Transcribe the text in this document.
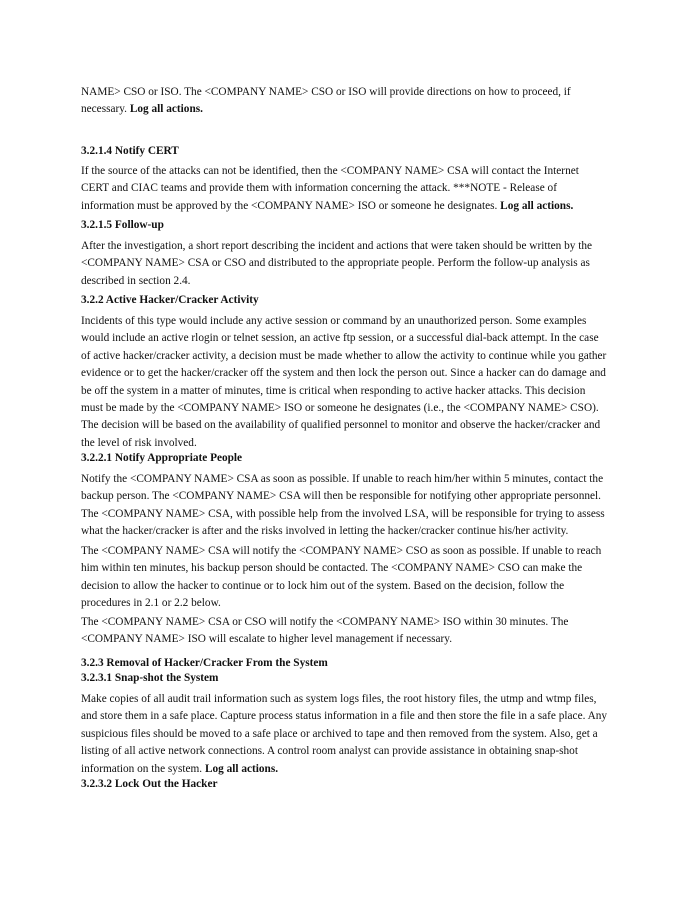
NAME> CSO or ISO. The <COMPANY NAME> CSO or ISO will provide directions on how to proceed, if
necessary. Log all actions.
3.2.1.4 Notify CERT
If the source of the attacks can not be identified, then the <COMPANY NAME> CSA will contact the Internet
CERT and CIAC teams and provide them with information concerning the attack. ***NOTE - Release of
information must be approved by the <COMPANY NAME> ISO or someone he designates. Log all actions.
3.2.1.5 Follow-up
After the investigation, a short report describing the incident and actions that were taken should be written by the
<COMPANY NAME> CSA or CSO and distributed to the appropriate people. Perform the follow-up analysis as
described in section 2.4.
3.2.2 Active Hacker/Cracker Activity
Incidents of this type would include any active session or command by an unauthorized person. Some examples
would include an active rlogin or telnet session, an active ftp session, or a successful dial-back attempt. In the case
of active hacker/cracker activity, a decision must be made whether to allow the activity to continue while you gather
evidence or to get the hacker/cracker off the system and then lock the person out. Since a hacker can do damage and
be off the system in a matter of minutes, time is critical when responding to active hacker attacks. This decision
must be made by the <COMPANY NAME> ISO or someone he designates (i.e., the <COMPANY NAME> CSO).
The decision will be based on the availability of qualified personnel to monitor and observe the hacker/cracker and
the level of risk involved.
3.2.2.1 Notify Appropriate People
Notify the <COMPANY NAME> CSA as soon as possible. If unable to reach him/her within 5 minutes, contact the
backup person. The <COMPANY NAME> CSA will then be responsible for notifying other appropriate personnel.
The <COMPANY NAME> CSA, with possible help from the involved LSA, will be responsible for trying to assess
what the hacker/cracker is after and the risks involved in letting the hacker/cracker continue his/her activity.
The <COMPANY NAME> CSA will notify the <COMPANY NAME> CSO as soon as possible. If unable to reach
him within ten minutes, his backup person should be contacted. The <COMPANY NAME> CSO can make the
decision to allow the hacker to continue or to lock him out of the system. Based on the decision, follow the
procedures in 2.1 or 2.2 below.
The <COMPANY NAME> CSA or CSO will notify the <COMPANY NAME> ISO within 30 minutes. The
<COMPANY NAME> ISO will escalate to higher level management if necessary.
3.2.3 Removal of Hacker/Cracker From the System
3.2.3.1 Snap-shot the System
Make copies of all audit trail information such as system logs files, the root history files, the utmp and wtmp files,
and store them in a safe place. Capture process status information in a file and then store the file in a safe place. Any
suspicious files should be moved to a safe place or archived to tape and then removed from the system. Also, get a
listing of all active network connections. A control room analyst can provide assistance in obtaining snap-shot
information on the system. Log all actions.
3.2.3.2 Lock Out the Hacker
